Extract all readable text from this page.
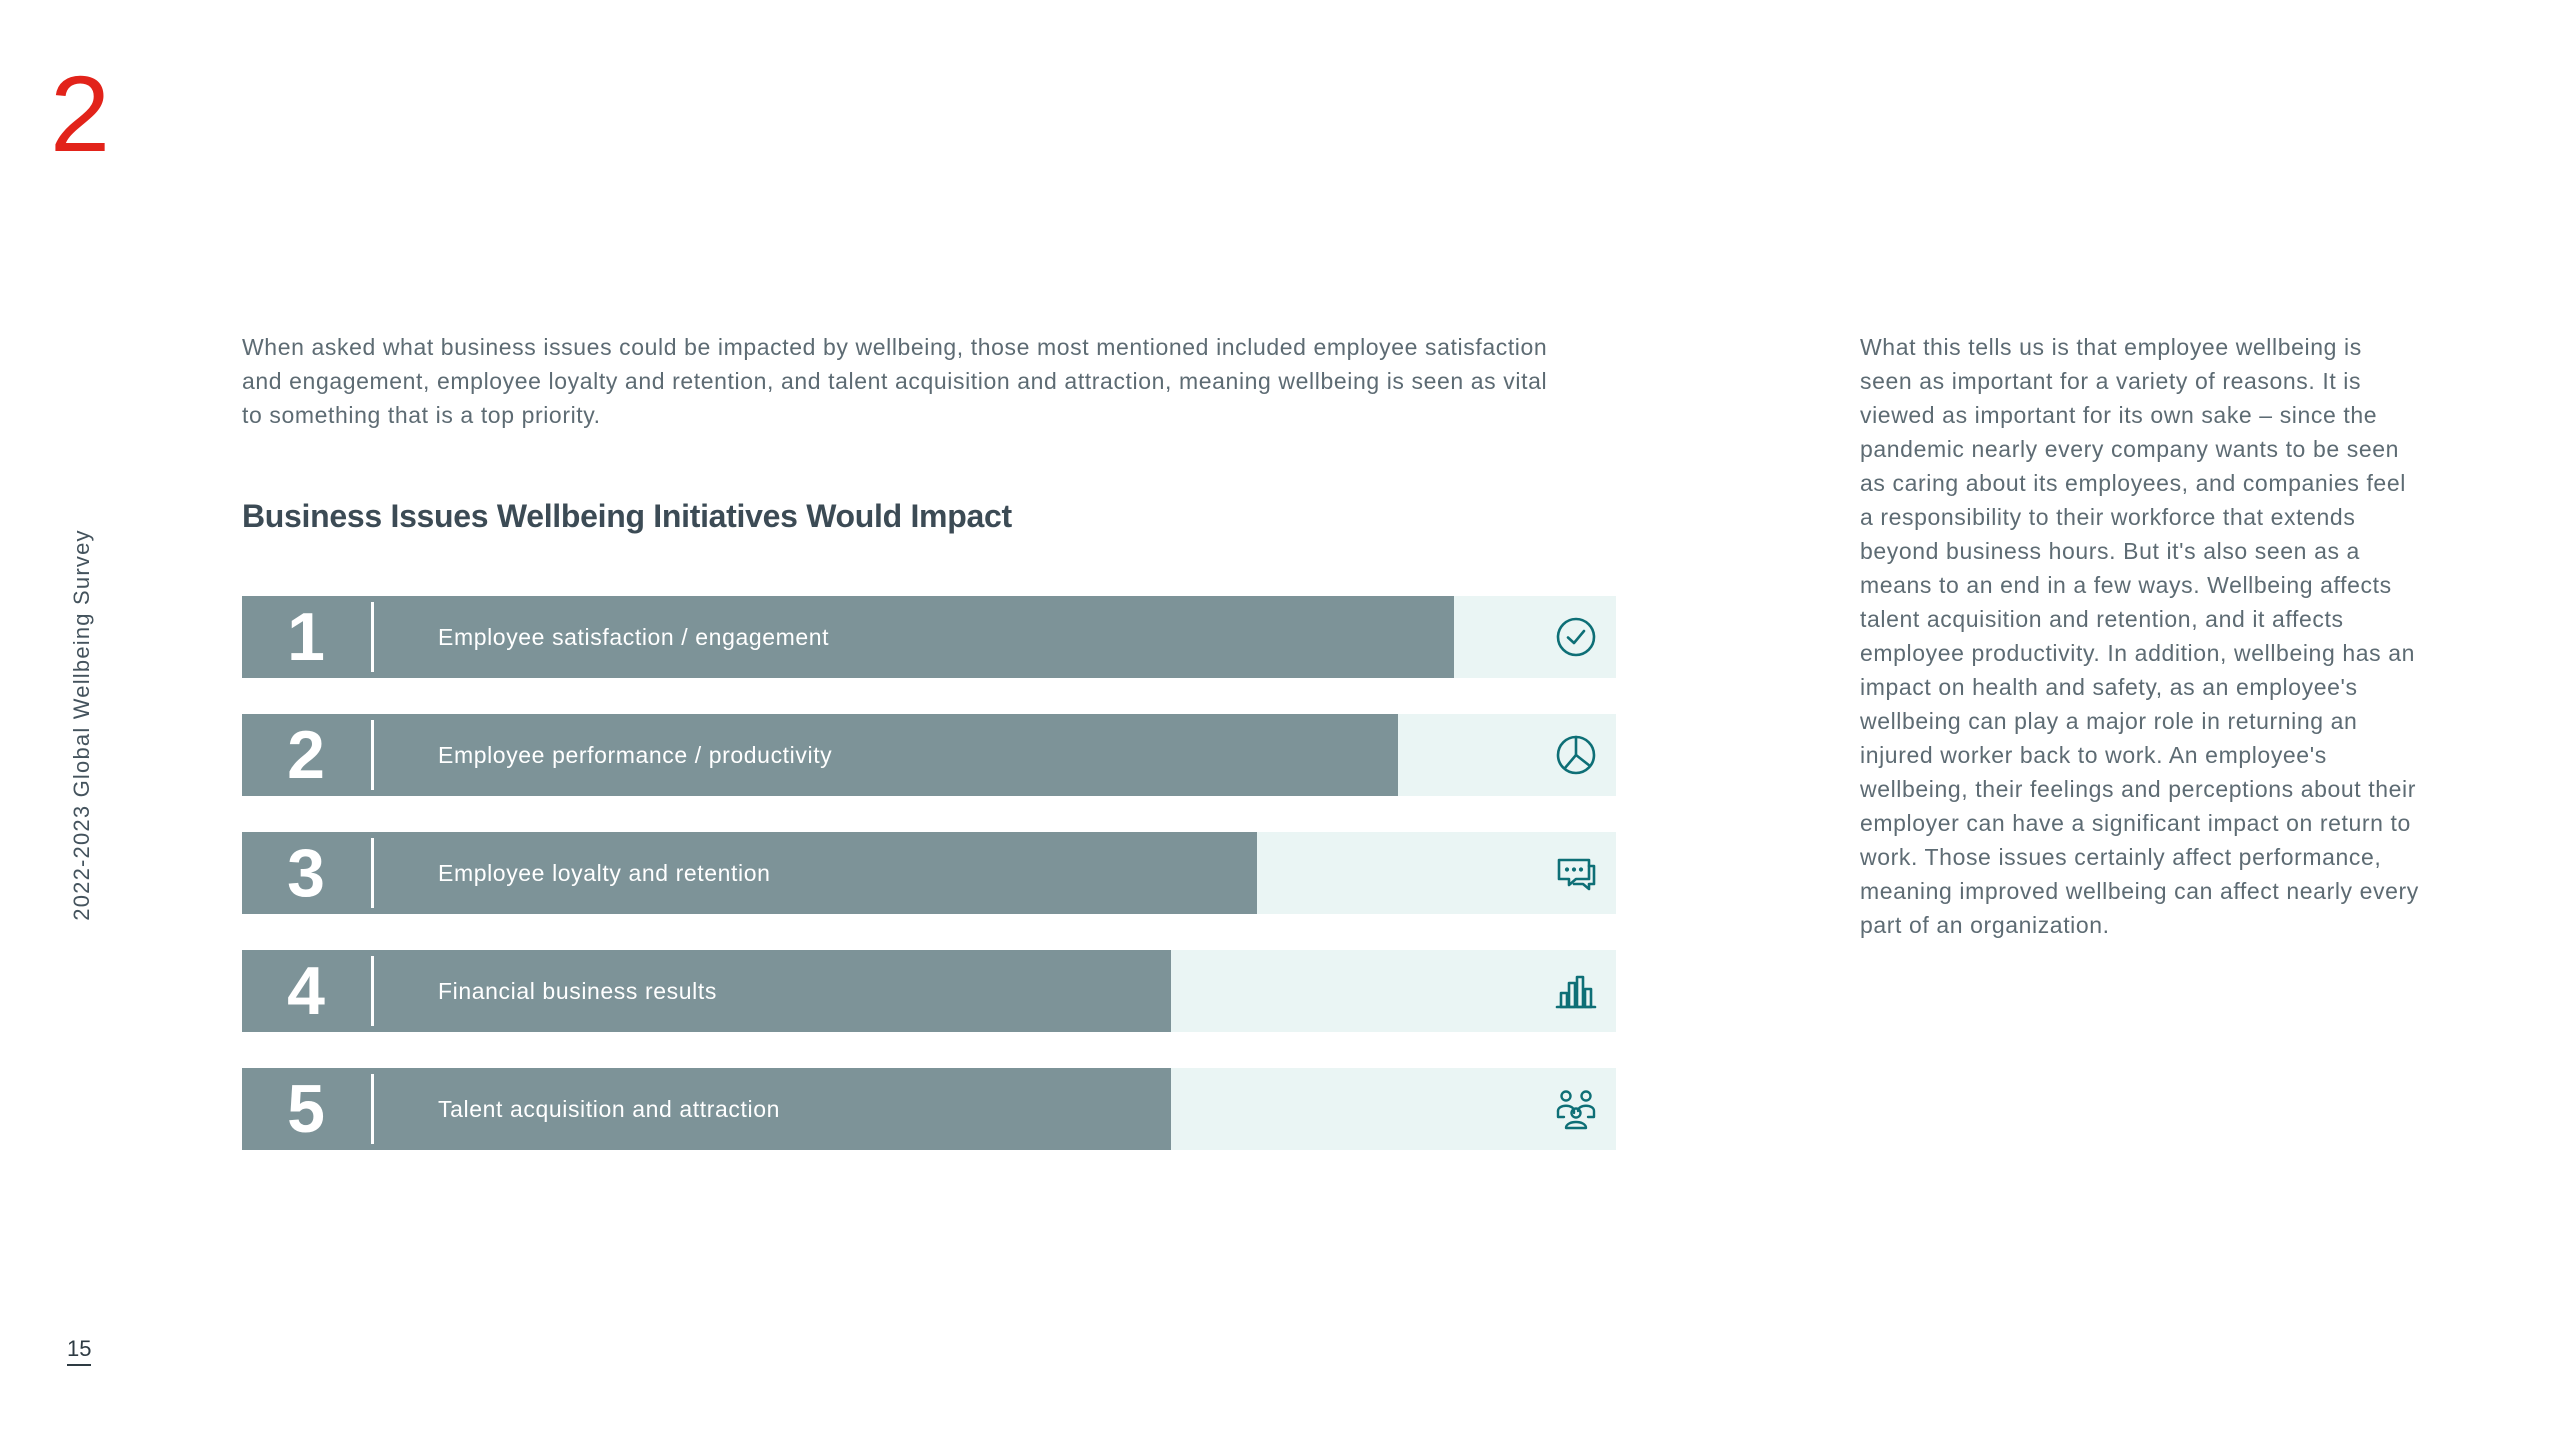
2
2022-2023 Global Wellbeing Survey
15

When asked what business issues could be impacted by wellbeing, those most mentioned included employee satisfaction and engagement, employee loyalty and retention, and talent acquisition and attraction, meaning wellbeing is seen as vital to something that is a top priority.

Business Issues Wellbeing Initiatives Would Impact
1	Employee satisfaction / engagement
2	Employee performance / productivity
3	Employee loyalty and retention
4	Financial business results
5	Talent acquisition and attraction

What this tells us is that employee wellbeing is seen as important for a variety of reasons. It is viewed as important for its own sake – since the pandemic nearly every company wants to be seen as caring about its employees, and companies feel a responsibility to their workforce that extends beyond business hours. But it's also seen as a means to an end in a few ways. Wellbeing affects talent acquisition and retention, and it affects employee productivity. In addition, wellbeing has an impact on health and safety, as an employee's wellbeing can play a major role in returning an injured worker back to work. An employee's wellbeing, their feelings and perceptions about their employer can have a significant impact on return to work. Those issues certainly affect performance, meaning improved wellbeing can affect nearly every part of an organization.
